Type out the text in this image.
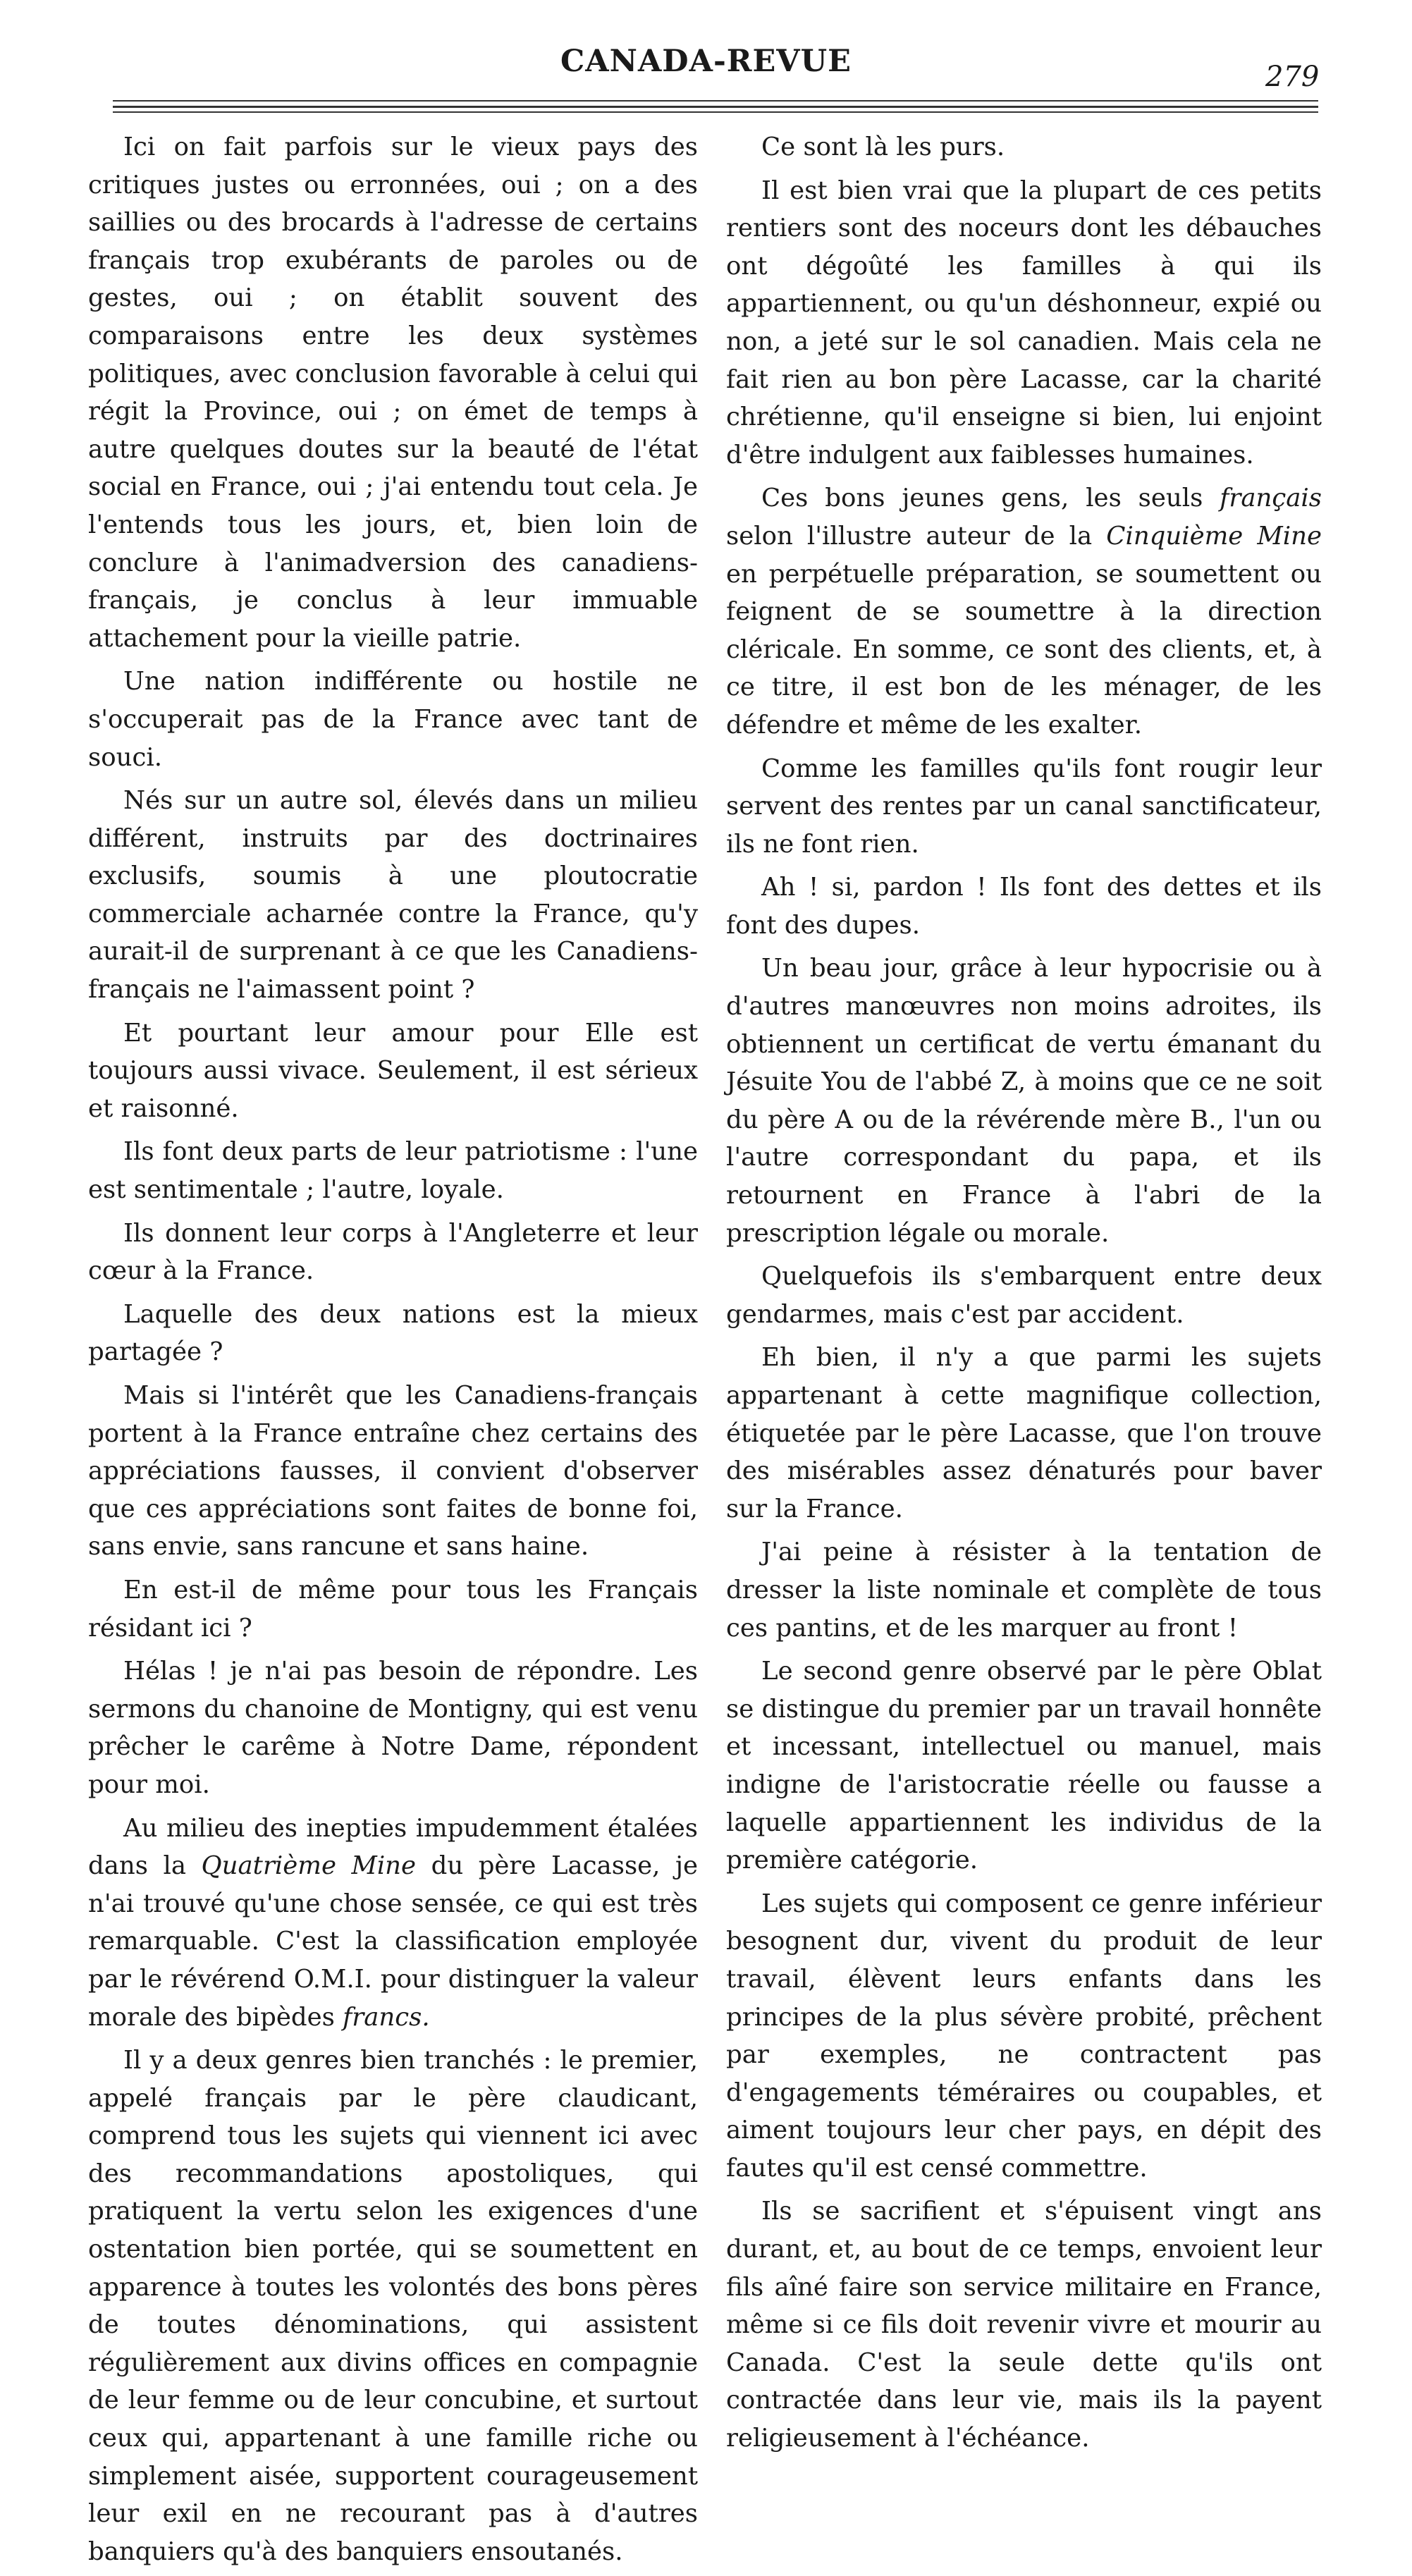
CANADA-REVUE	279

Ici on fait parfois sur le vieux pays des critiques justes ou erronnées, oui ; on a des saillies ou des brocards à l'adresse de certains français trop exubérants de paroles ou de gestes, oui ; on établit souvent des comparaisons entre les deux systèmes politiques, avec conclusion favorable à celui qui régit la Province, oui ; on émet de temps à autre quelques doutes sur la beauté de l'état social en France, oui ; j'ai entendu tout cela. Je l'entends tous les jours, et, bien loin de conclure à l'animadversion des canadiens-français, je conclus à leur immuable attachement pour la vieille patrie.

Une nation indifférente ou hostile ne s'occuperait pas de la France avec tant de souci.

Nés sur un autre sol, élevés dans un milieu différent, instruits par des doctrinaires exclusifs, soumis à une ploutocratie commerciale acharnée contre la France, qu'y aurait-il de surprenant à ce que les Canadiens-français ne l'aimassent point ?

Et pourtant leur amour pour Elle est toujours aussi vivace. Seulement, il est sérieux et raisonné.

Ils font deux parts de leur patriotisme : l'une est sentimentale ; l'autre, loyale.

Ils donnent leur corps à l'Angleterre et leur cœur à la France.

Laquelle des deux nations est la mieux partagée ?

Mais si l'intérêt que les Canadiens-français portent à la France entraîne chez certains des appréciations fausses, il convient d'observer que ces appréciations sont faites de bonne foi, sans envie, sans rancune et sans haine.

En est-il de même pour tous les Français résidant ici ?

Hélas ! je n'ai pas besoin de répondre. Les sermons du chanoine de Montigny, qui est venu prêcher le carême à Notre Dame, répondent pour moi.

Au milieu des inepties impudemment étalées dans la Quatrième Mine du père Lacasse, je n'ai trouvé qu'une chose sensée, ce qui est très remarquable. C'est la classification employée par le révérend O.M.I. pour distinguer la valeur morale des bipèdes francs.

Il y a deux genres bien tranchés : le premier, appelé français par le père claudicant, comprend tous les sujets qui viennent ici avec des recommandations apostoliques, qui pratiquent la vertu selon les exigences d'une ostentation bien portée, qui se soumettent en apparence à toutes les volontés des bons pères de toutes dénominations, qui assistent régulièrement aux divins offices en compagnie de leur femme ou de leur concubine, et surtout ceux qui, appartenant à une famille riche ou simplement aisée, supportent courageusement leur exil en ne recourant pas à d'autres banquiers qu'à des banquiers ensoutanés.

Ce sont là les purs.

Il est bien vrai que la plupart de ces petits rentiers sont des noceurs dont les débauches ont dégoûté les familles à qui ils appartiennent, ou qu'un déshonneur, expié ou non, a jeté sur le sol canadien. Mais cela ne fait rien au bon père Lacasse, car la charité chrétienne, qu'il enseigne si bien, lui enjoint d'être indulgent aux faiblesses humaines.

Ces bons jeunes gens, les seuls français selon l'illustre auteur de la Cinquième Mine en perpétuelle préparation, se soumettent ou feignent de se soumettre à la direction cléricale. En somme, ce sont des clients, et, à ce titre, il est bon de les ménager, de les défendre et même de les exalter.

Comme les familles qu'ils font rougir leur servent des rentes par un canal sanctificateur, ils ne font rien.

Ah ! si, pardon ! Ils font des dettes et ils font des dupes.

Un beau jour, grâce à leur hypocrisie ou à d'autres manœuvres non moins adroites, ils obtiennent un certificat de vertu émanant du Jésuite You de l'abbé Z, à moins que ce ne soit du père A ou de la révérende mère B., l'un ou l'autre correspondant du papa, et ils retournent en France à l'abri de la prescription légale ou morale.

Quelquefois ils s'embarquent entre deux gendarmes, mais c'est par accident.

Eh bien, il n'y a que parmi les sujets appartenant à cette magnifique collection, étiquetée par le père Lacasse, que l'on trouve des misérables assez dénaturés pour baver sur la France.

J'ai peine à résister à la tentation de dresser la liste nominale et complète de tous ces pantins, et de les marquer au front !

Le second genre observé par le père Oblat se distingue du premier par un travail honnête et incessant, intellectuel ou manuel, mais indigne de l'aristocratie réelle ou fausse a laquelle appartiennent les individus de la première catégorie.

Les sujets qui composent ce genre inférieur besognent dur, vivent du produit de leur travail, élèvent leurs enfants dans les principes de la plus sévère probité, prêchent par exemples, ne contractent pas d'engagements téméraires ou coupables, et aiment toujours leur cher pays, en dépit des fautes qu'il est censé commettre.

Ils se sacrifient et s'épuisent vingt ans durant, et, au bout de ce temps, envoient leur fils aîné faire son service militaire en France, même si ce fils doit revenir vivre et mourir au Canada. C'est la seule dette qu'ils ont contractée dans leur vie, mais ils la payent religieusement à l'échéance.
